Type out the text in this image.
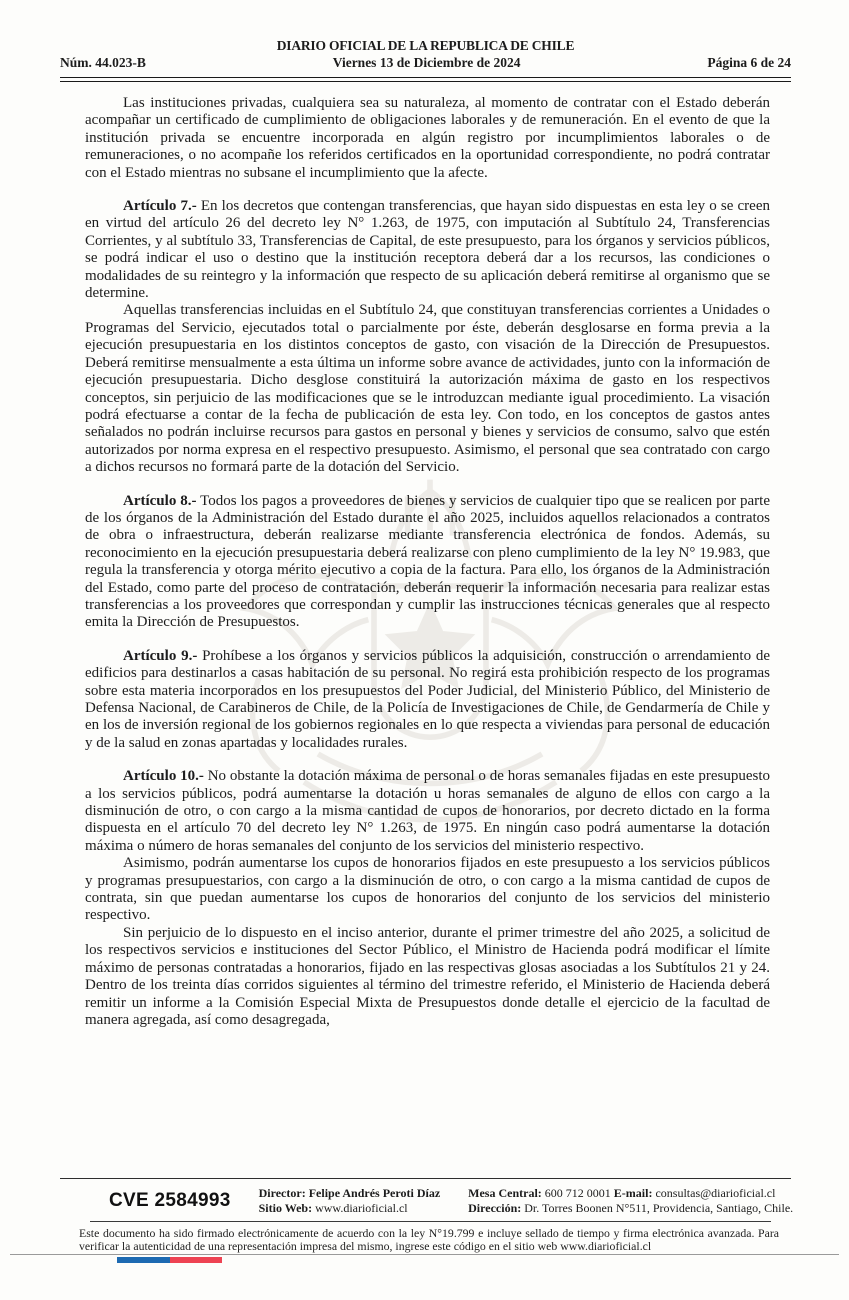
DIARIO OFICIAL DE LA REPUBLICA DE CHILE
Núm. 44.023-B	Viernes 13 de Diciembre de 2024	Página 6 de 24

Las instituciones privadas, cualquiera sea su naturaleza, al momento de contratar con el Estado deberán acompañar un certificado de cumplimiento de obligaciones laborales y de remuneración. En el evento de que la institución privada se encuentre incorporada en algún registro por incumplimientos laborales o de remuneraciones, o no acompañe los referidos certificados en la oportunidad correspondiente, no podrá contratar con el Estado mientras no subsane el incumplimiento que la afecte.

Artículo 7.- En los decretos que contengan transferencias, que hayan sido dispuestas en esta ley o se creen en virtud del artículo 26 del decreto ley N° 1.263, de 1975, con imputación al Subtítulo 24, Transferencias Corrientes, y al subtítulo 33, Transferencias de Capital, de este presupuesto, para los órganos y servicios públicos, se podrá indicar el uso o destino que la institución receptora deberá dar a los recursos, las condiciones o modalidades de su reintegro y la información que respecto de su aplicación deberá remitirse al organismo que se determine.

Aquellas transferencias incluidas en el Subtítulo 24, que constituyan transferencias corrientes a Unidades o Programas del Servicio, ejecutados total o parcialmente por éste, deberán desglosarse en forma previa a la ejecución presupuestaria en los distintos conceptos de gasto, con visación de la Dirección de Presupuestos. Deberá remitirse mensualmente a esta última un informe sobre avance de actividades, junto con la información de ejecución presupuestaria. Dicho desglose constituirá la autorización máxima de gasto en los respectivos conceptos, sin perjuicio de las modificaciones que se le introduzcan mediante igual procedimiento. La visación podrá efectuarse a contar de la fecha de publicación de esta ley. Con todo, en los conceptos de gastos antes señalados no podrán incluirse recursos para gastos en personal y bienes y servicios de consumo, salvo que estén autorizados por norma expresa en el respectivo presupuesto. Asimismo, el personal que sea contratado con cargo a dichos recursos no formará parte de la dotación del Servicio.

Artículo 8.- Todos los pagos a proveedores de bienes y servicios de cualquier tipo que se realicen por parte de los órganos de la Administración del Estado durante el año 2025, incluidos aquellos relacionados a contratos de obra o infraestructura, deberán realizarse mediante transferencia electrónica de fondos. Además, su reconocimiento en la ejecución presupuestaria deberá realizarse con pleno cumplimiento de la ley N° 19.983, que regula la transferencia y otorga mérito ejecutivo a copia de la factura. Para ello, los órganos de la Administración del Estado, como parte del proceso de contratación, deberán requerir la información necesaria para realizar estas transferencias a los proveedores que correspondan y cumplir las instrucciones técnicas generales que al respecto emita la Dirección de Presupuestos.

Artículo 9.- Prohíbese a los órganos y servicios públicos la adquisición, construcción o arrendamiento de edificios para destinarlos a casas habitación de su personal. No regirá esta prohibición respecto de los programas sobre esta materia incorporados en los presupuestos del Poder Judicial, del Ministerio Público, del Ministerio de Defensa Nacional, de Carabineros de Chile, de la Policía de Investigaciones de Chile, de Gendarmería de Chile y en los de inversión regional de los gobiernos regionales en lo que respecta a viviendas para personal de educación y de la salud en zonas apartadas y localidades rurales.

Artículo 10.- No obstante la dotación máxima de personal o de horas semanales fijadas en este presupuesto a los servicios públicos, podrá aumentarse la dotación u horas semanales de alguno de ellos con cargo a la disminución de otro, o con cargo a la misma cantidad de cupos de honorarios, por decreto dictado en la forma dispuesta en el artículo 70 del decreto ley N° 1.263, de 1975. En ningún caso podrá aumentarse la dotación máxima o número de horas semanales del conjunto de los servicios del ministerio respectivo.

Asimismo, podrán aumentarse los cupos de honorarios fijados en este presupuesto a los servicios públicos y programas presupuestarios, con cargo a la disminución de otro, o con cargo a la misma cantidad de cupos de contrata, sin que puedan aumentarse los cupos de honorarios del conjunto de los servicios del ministerio respectivo.

Sin perjuicio de lo dispuesto en el inciso anterior, durante el primer trimestre del año 2025, a solicitud de los respectivos servicios e instituciones del Sector Público, el Ministro de Hacienda podrá modificar el límite máximo de personas contratadas a honorarios, fijado en las respectivas glosas asociadas a los Subtítulos 21 y 24. Dentro de los treinta días corridos siguientes al término del trimestre referido, el Ministerio de Hacienda deberá remitir un informe a la Comisión Especial Mixta de Presupuestos donde detalle el ejercicio de la facultad de manera agregada, así como desagregada,

CVE 2584993	Director: Felipe Andrés Peroti Díaz
Sitio Web: www.diarioficial.cl
Mesa Central: 600 712 0001 E-mail: consultas@diarioficial.cl
Dirección: Dr. Torres Boonen N°511, Providencia, Santiago, Chile.
Este documento ha sido firmado electrónicamente de acuerdo con la ley N°19.799 e incluye sellado de tiempo y firma electrónica avanzada. Para verificar la autenticidad de una representación impresa del mismo, ingrese este código en el sitio web www.diarioficial.cl
